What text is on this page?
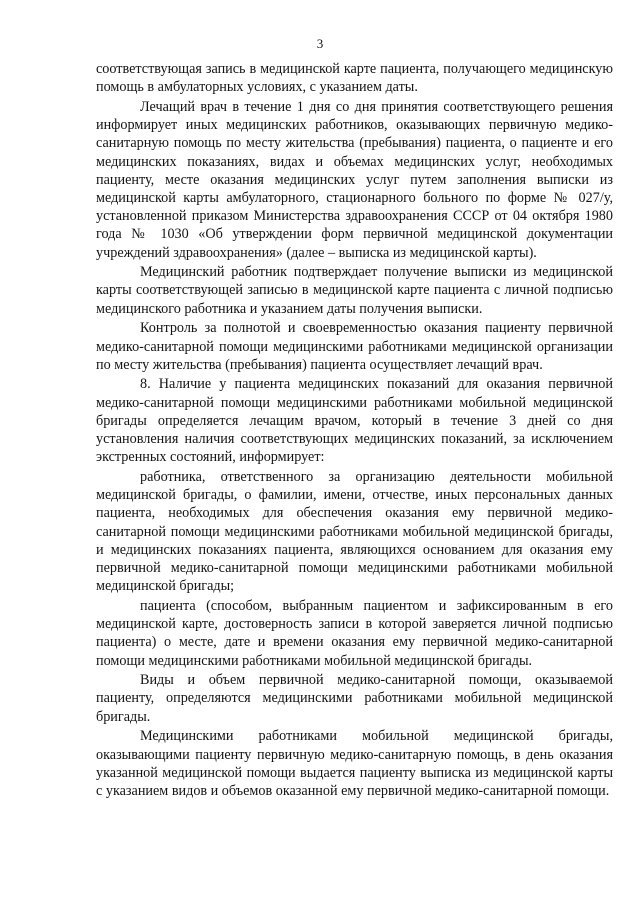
3

соответствующая запись в медицинской карте пациента, получающего медицинскую помощь в амбулаторных условиях, с указанием даты.

Лечащий врач в течение 1 дня со дня принятия соответствующего решения информирует иных медицинских работников, оказывающих первичную медико-санитарную помощь по месту жительства (пребывания) пациента, о пациенте и его медицинских показаниях, видах и объемах медицинских услуг, необходимых пациенту, месте оказания медицинских услуг путем заполнения выписки из медицинской карты амбулаторного, стационарного больного по форме № 027/у, установленной приказом Министерства здравоохранения СССР от 04 октября 1980 года № 1030 «Об утверждении форм первичной медицинской документации учреждений здравоохранения» (далее – выписка из медицинской карты).

Медицинский работник подтверждает получение выписки из медицинской карты соответствующей записью в медицинской карте пациента с личной подписью медицинского работника и указанием даты получения выписки.

Контроль за полнотой и своевременностью оказания пациенту первичной медико-санитарной помощи медицинскими работниками медицинской организации по месту жительства (пребывания) пациента осуществляет лечащий врач.

8. Наличие у пациента медицинских показаний для оказания первичной медико-санитарной помощи медицинскими работниками мобильной медицинской бригады определяется лечащим врачом, который в течение 3 дней со дня установления наличия соответствующих медицинских показаний, за исключением экстренных состояний, информирует:

работника, ответственного за организацию деятельности мобильной медицинской бригады, о фамилии, имени, отчестве, иных персональных данных пациента, необходимых для обеспечения оказания ему первичной медико-санитарной помощи медицинскими работниками мобильной медицинской бригады, и медицинских показаниях пациента, являющихся основанием для оказания ему первичной медико-санитарной помощи медицинскими работниками мобильной медицинской бригады;

пациента (способом, выбранным пациентом и зафиксированным в его медицинской карте, достоверность записи в которой заверяется личной подписью пациента) о месте, дате и времени оказания ему первичной медико-санитарной помощи медицинскими работниками мобильной медицинской бригады.

Виды и объем первичной медико-санитарной помощи, оказываемой пациенту, определяются медицинскими работниками мобильной медицинской бригады.

Медицинскими работниками мобильной медицинской бригады, оказывающими пациенту первичную медико-санитарную помощь, в день оказания указанной медицинской помощи выдается пациенту выписка из медицинской карты с указанием видов и объемов оказанной ему первичной медико-санитарной помощи.
